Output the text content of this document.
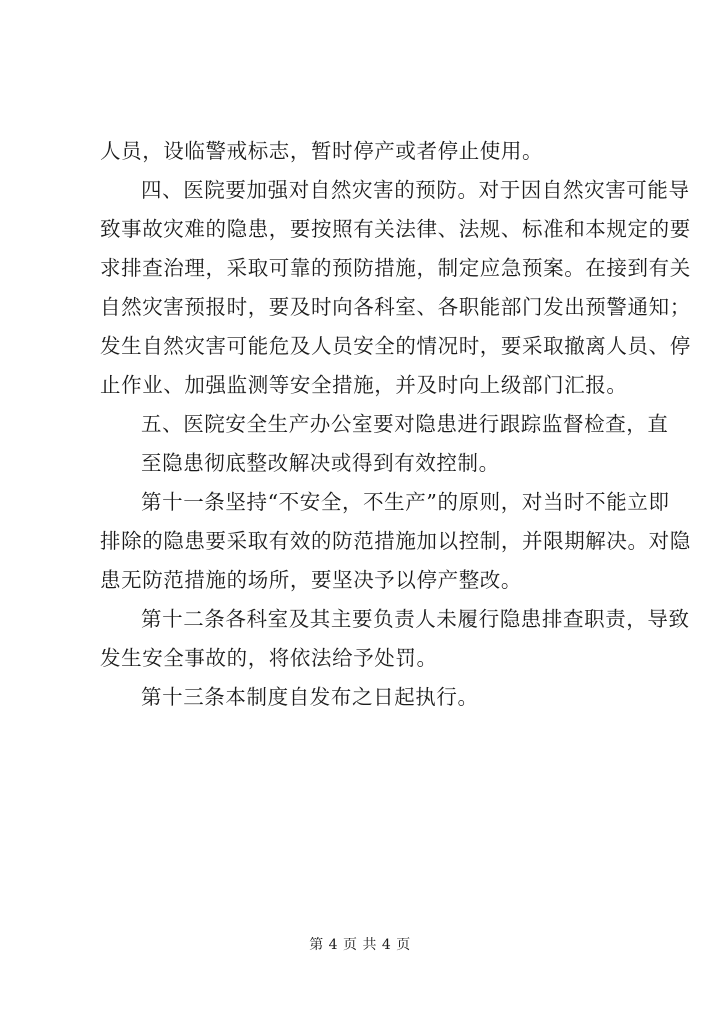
人员，设临警戒标志，暂时停产或者停止使用。
四、医院要加强对自然灾害的预防。对于因自然灾害可能导
致事故灾难的隐患，要按照有关法律、法规、标准和本规定的要
求排查治理，采取可靠的预防措施，制定应急预案。在接到有关
自然灾害预报时，要及时向各科室、各职能部门发出预警通知；
发生自然灾害可能危及人员安全的情况时，要采取撤离人员、停
止作业、加强监测等安全措施，并及时向上级部门汇报。
五、医院安全生产办公室要对隐患进行跟踪监督检查，直
至隐患彻底整改解决或得到有效控制。
第十一条坚持“不安全，不生产”的原则，对当时不能立即
排除的隐患要采取有效的防范措施加以控制，并限期解决。对隐
患无防范措施的场所，要坚决予以停产整改。
第十二条各科室及其主要负责人未履行隐患排查职责，导致
发生安全事故的，将依法给予处罚。
第十三条本制度自发布之日起执行。
第 4 页 共 4 页
